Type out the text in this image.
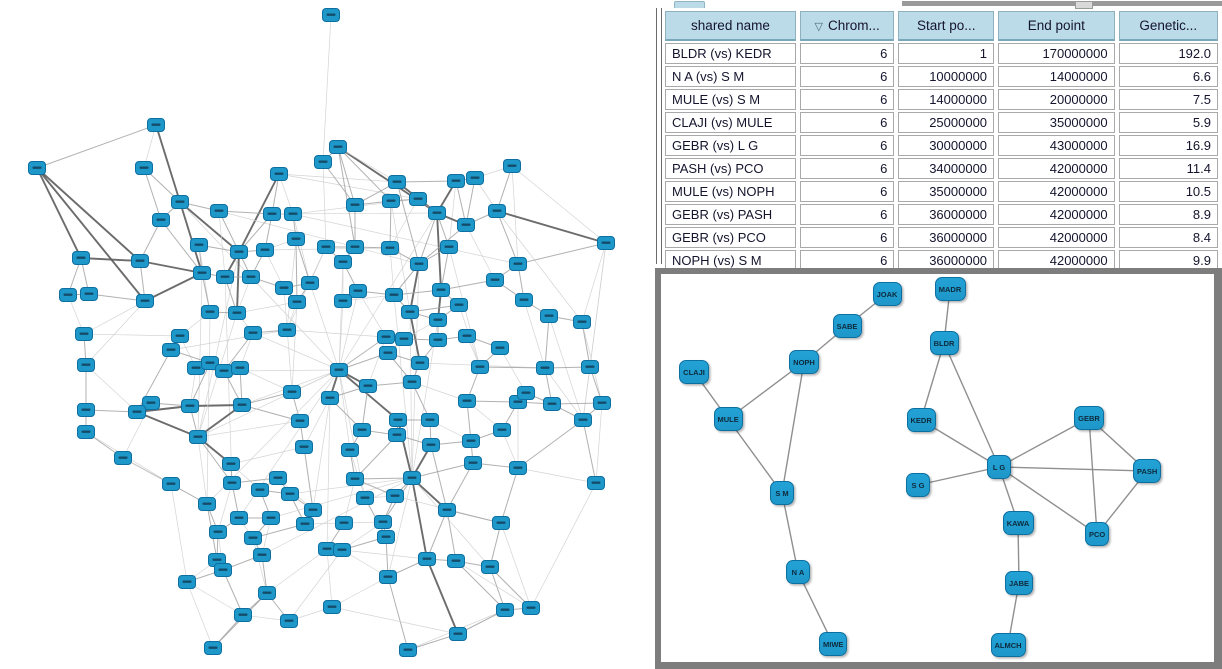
shared name	▽ Chrom...	Start po...	End point	Genetic...
BLDR (vs) KEDR	6	1	170000000	192.0
N A (vs) S M	6	10000000	14000000	6.6
MULE (vs) S M	6	14000000	20000000	7.5
CLAJI (vs) MULE	6	25000000	35000000	5.9
GEBR (vs) L G	6	30000000	43000000	16.9
PASH (vs) PCO	6	34000000	42000000	11.4
MULE (vs) NOPH	6	35000000	42000000	10.5
GEBR (vs) PASH	6	36000000	42000000	8.9
GEBR (vs) PCO	6	36000000	42000000	8.4
NOPH (vs) S M	6	36000000	42000000	9.9
JOAK
SABE
MADR
NOPH
BLDR
CLAJI
MULE	KEDR	GEBR
L G	PASH
S G
S M
KAWA
PCO
N A
JABE
MIWE	ALMCH
